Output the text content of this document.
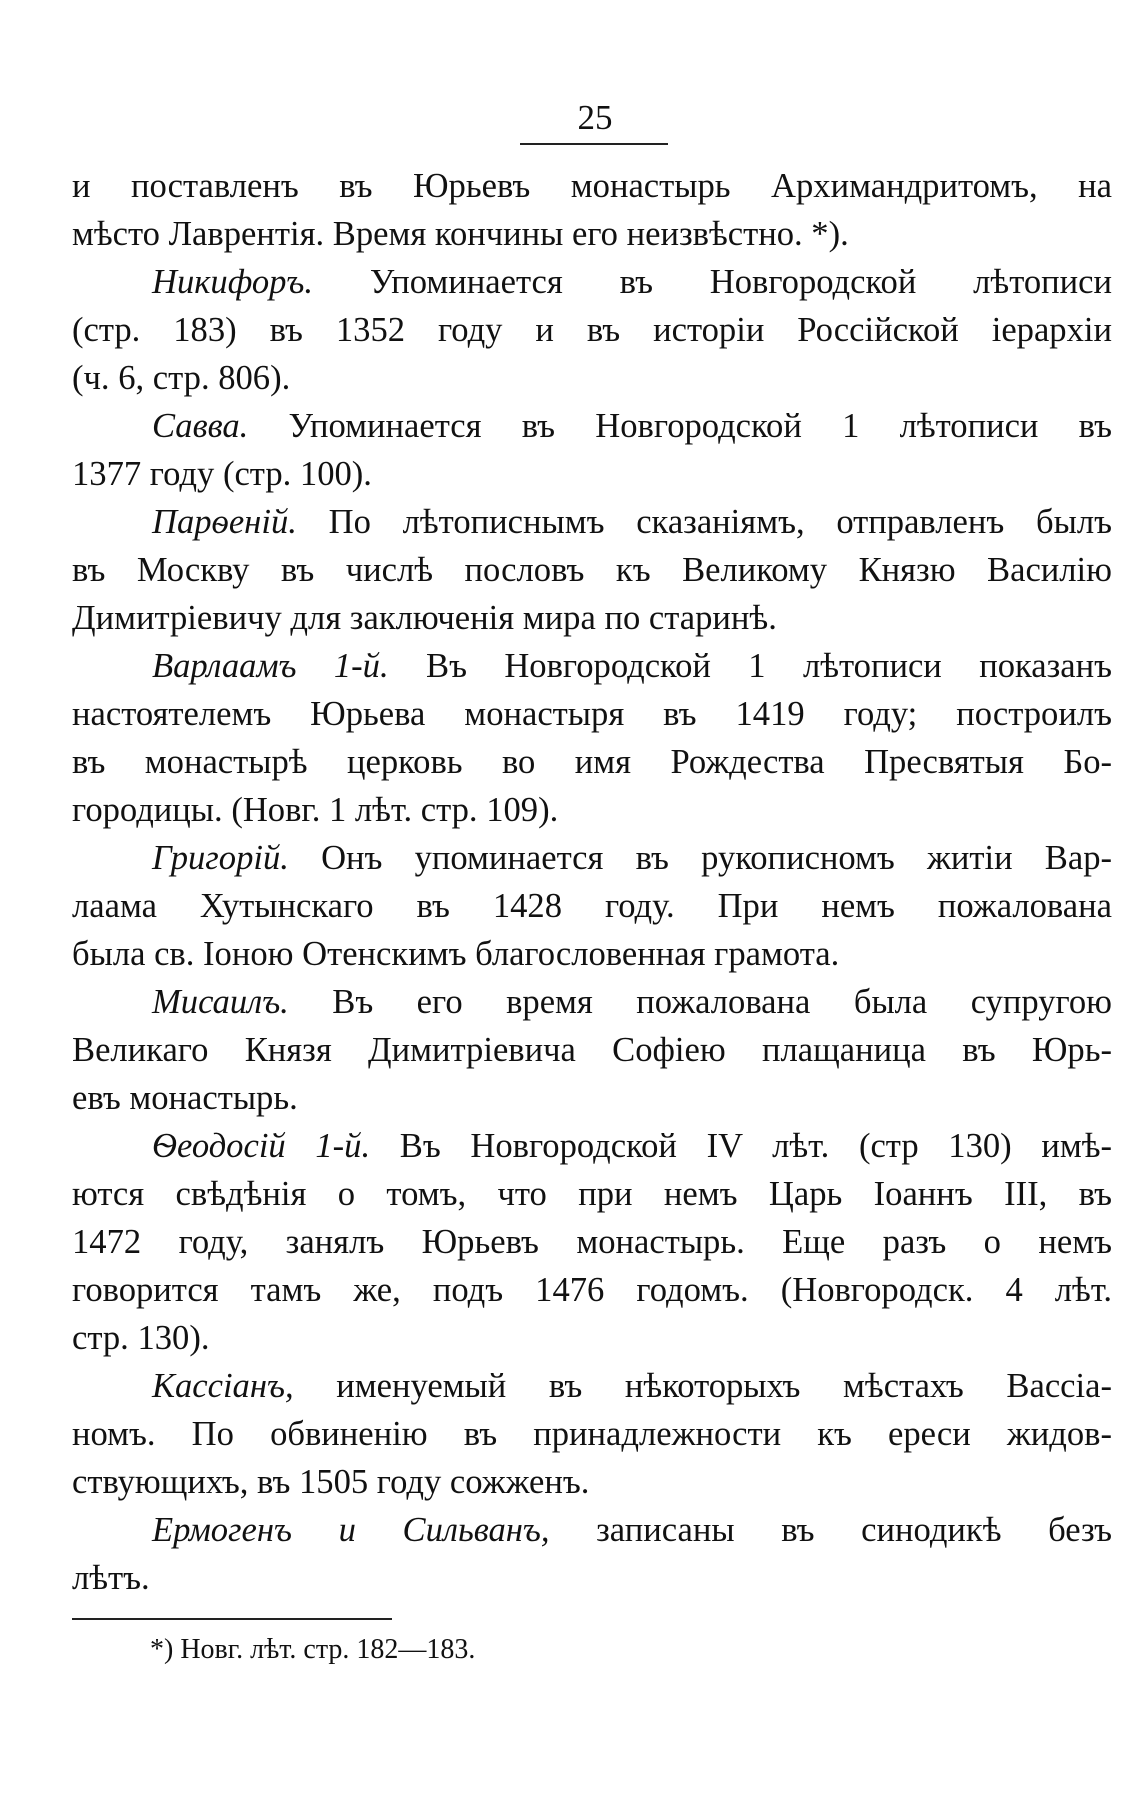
25

и поставленъ въ Юрьевъ монастырь Архимандритомъ, на
мѣсто Лаврентія. Время кончины его неизвѣстно. *).

Никифоръ. Упоминается въ Новгородской лѣтописи
(стр. 183) въ 1352 году и въ исторіи Россійской іерархіи
(ч. 6, стр. 806).

Савва. Упоминается въ Новгородской 1 лѣтописи въ
1377 году (стр. 100).

Парѳеній. По лѣтописнымъ сказаніямъ, отправленъ былъ
въ Москву въ числѣ пословъ къ Великому Князю Василію
Димитріевичу для заключенія мира по старинѣ.

Варлаамъ 1-й. Въ Новгородской 1 лѣтописи показанъ
настоятелемъ Юрьева монастыря въ 1419 году; построилъ
въ монастырѣ церковь во имя Рождества Пресвятыя Бо-
городицы. (Новг. 1 лѣт. стр. 109).

Григорій. Онъ упоминается въ рукописномъ житіи Вар-
лаама Хутынскаго въ 1428 году. При немъ пожалована
была св. Іоною Отенскимъ благословенная грамота.

Мисаилъ. Въ его время пожалована была супругою
Великаго Князя Димитріевича Софіею плащаница въ Юрь-
евъ монастырь.

Ѳеодосій 1-й. Въ Новгородской IV лѣт. (стр 130) имѣ-
ются свѣдѣнія о томъ, что при немъ Царь Іоаннъ III, въ
1472 году, занялъ Юрьевъ монастырь. Еще разъ о немъ
говорится тамъ же, подъ 1476 годомъ. (Новгородск. 4 лѣт.
стр. 130).

Кассіанъ, именуемый въ нѣкоторыхъ мѣстахъ Вассіа-
номъ. По обвиненію въ принадлежности къ ереси жидов-
ствующихъ, въ 1505 году сожженъ.

Ермогенъ и Сильванъ, записаны въ синодикѣ безъ
лѣтъ.

*) Новг. лѣт. стр. 182—183.
